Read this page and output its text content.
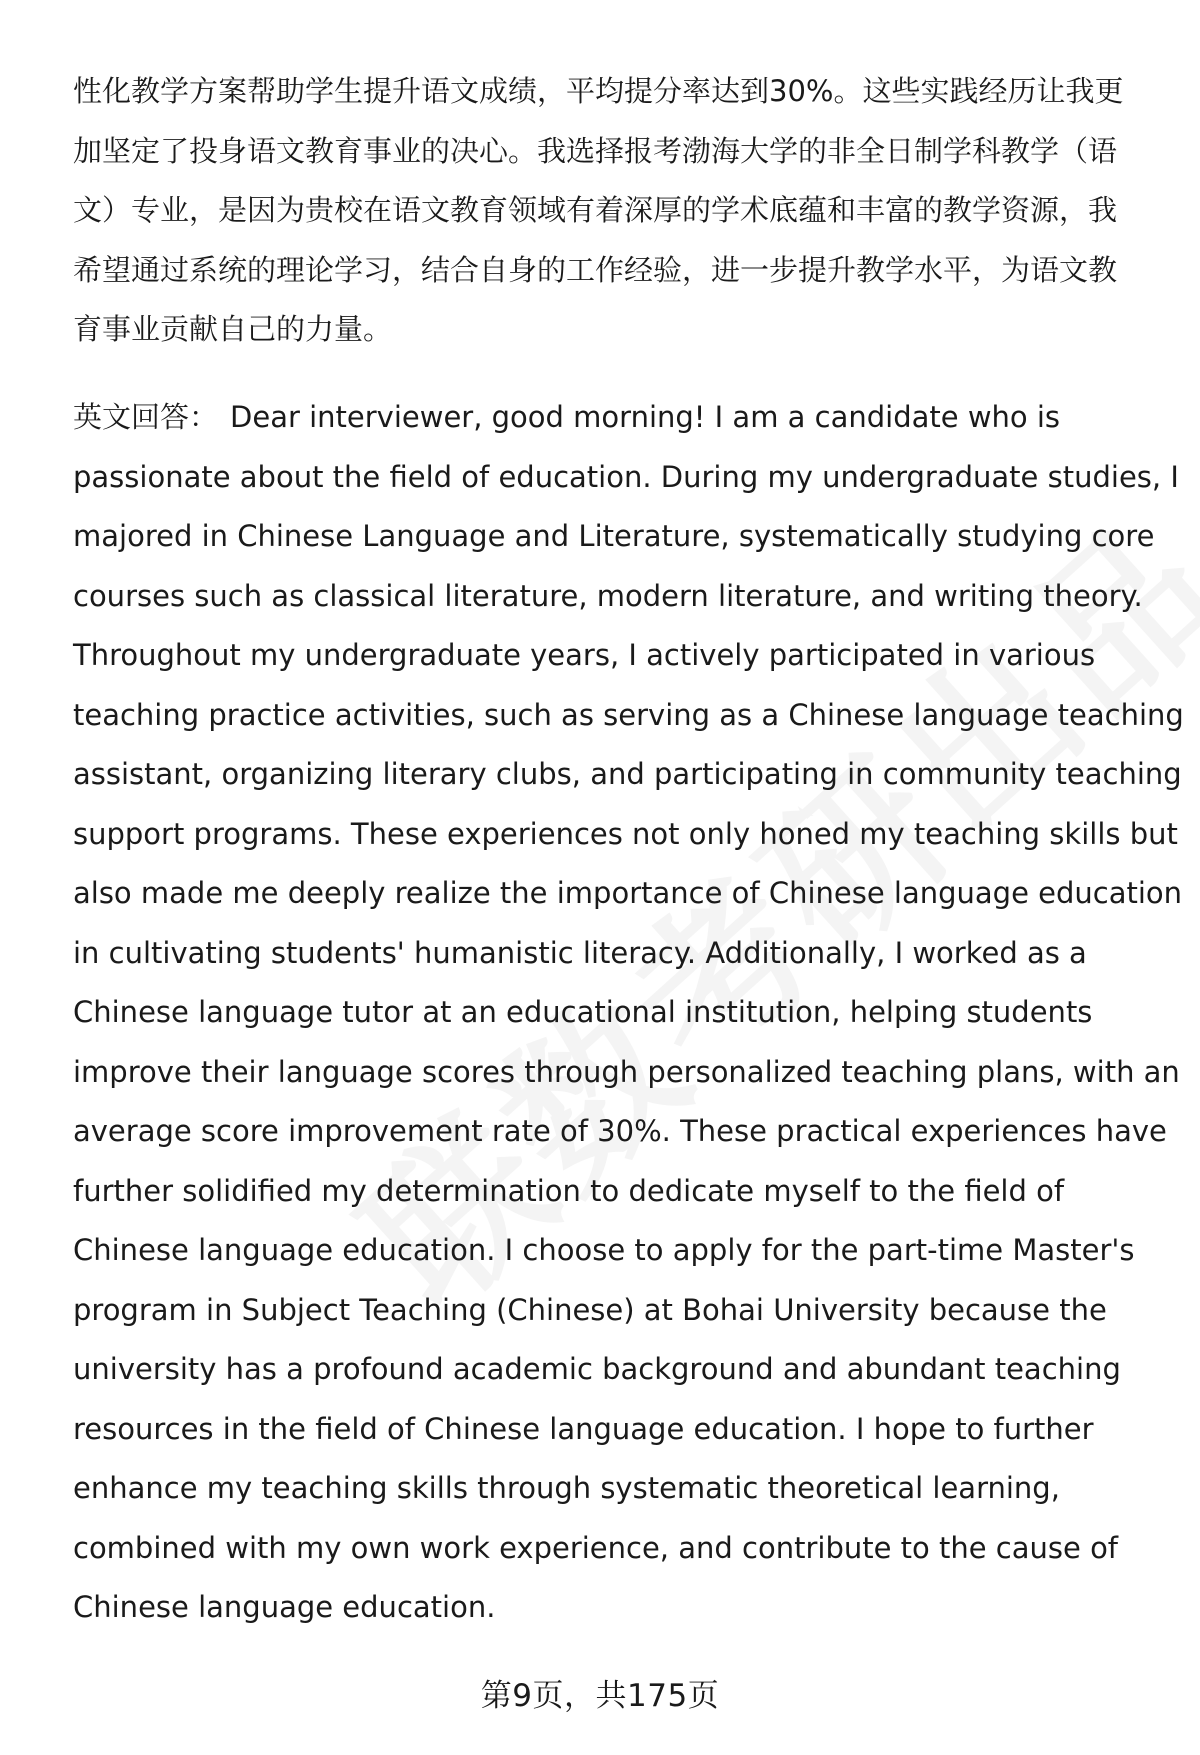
性化教学方案帮助学生提升语文成绩，平均提分率达到30%。这些实践经历让我更
加坚定了投身语文教育事业的决心。我选择报考渤海大学的非全日制学科教学（语
文）专业，是因为贵校在语文教育领域有着深厚的学术底蕴和丰富的教学资源，我
希望通过系统的理论学习，结合自身的工作经验，进一步提升教学水平，为语文教
育事业贡献自己的力量。
英文回答： Dear interviewer, good morning! I am a candidate who is
passionate about the field of education. During my undergraduate studies, I
majored in Chinese Language and Literature, systematically studying core
courses such as classical literature, modern literature, and writing theory.
Throughout my undergraduate years, I actively participated in various
teaching practice activities, such as serving as a Chinese language teaching
assistant, organizing literary clubs, and participating in community teaching
support programs. These experiences not only honed my teaching skills but
also made me deeply realize the importance of Chinese language education
in cultivating students' humanistic literacy. Additionally, I worked as a
Chinese language tutor at an educational institution, helping students
improve their language scores through personalized teaching plans, with an
average score improvement rate of 30%. These practical experiences have
further solidified my determination to dedicate myself to the field of
Chinese language education. I choose to apply for the part-time Master's
program in Subject Teaching (Chinese) at Bohai University because the
university has a profound academic background and abundant teaching
resources in the field of Chinese language education. I hope to further
enhance my teaching skills through systematic theoretical learning,
combined with my own work experience, and contribute to the cause of
Chinese language education.
第9页，共175页
